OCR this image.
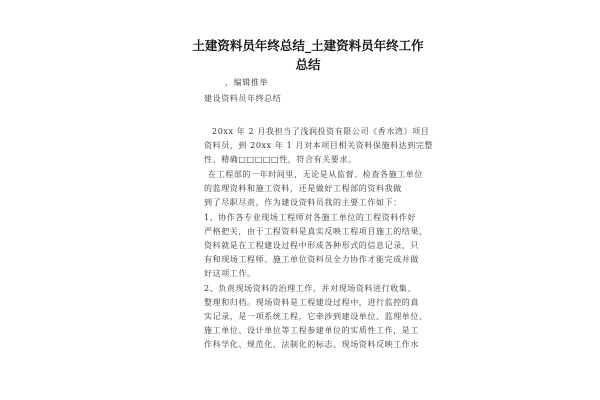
土建资料员年终总结_土建资料员年终工作
总结
，编辑推举
建设资料员年终总结
20xx 年 2 月我担当了浅润投资有限公司《香水湾》项目
资料员，到 20xx 年 1 月对本项目相关资料保施料达到完整
性、精确□□□□□性，符合有关要求。
在工程部的一年时间里，无论是从监督、检查各施工单位
的监理资料和施工资料，还是做好工程部的资料我做
到了尽职尽责，作为建设资料员我的主要工作如下：
1、协作各专业现场工程师对各施工单位的工程资料作好
严格把关，由于工程资料是真实反映工程项目施工的结果，
资料就是在工程建设过程中形成各种形式的信息记录，只
有和现场工程师、施工单位资料员全力协作才能完成并做
好这项工作。
2、负责现场资料的治理工作，并对现场资料进行收集、
整理和归档。现场资料是工程建设过程中，进行监控的真
实记录，是一项系统工程，它牵涉到建设单位、监理单位、
施工单位、设计单位等工程参建单位的实质性工作，是工
作科学化、规范化、法制化的标志。现场资料反映工作水
